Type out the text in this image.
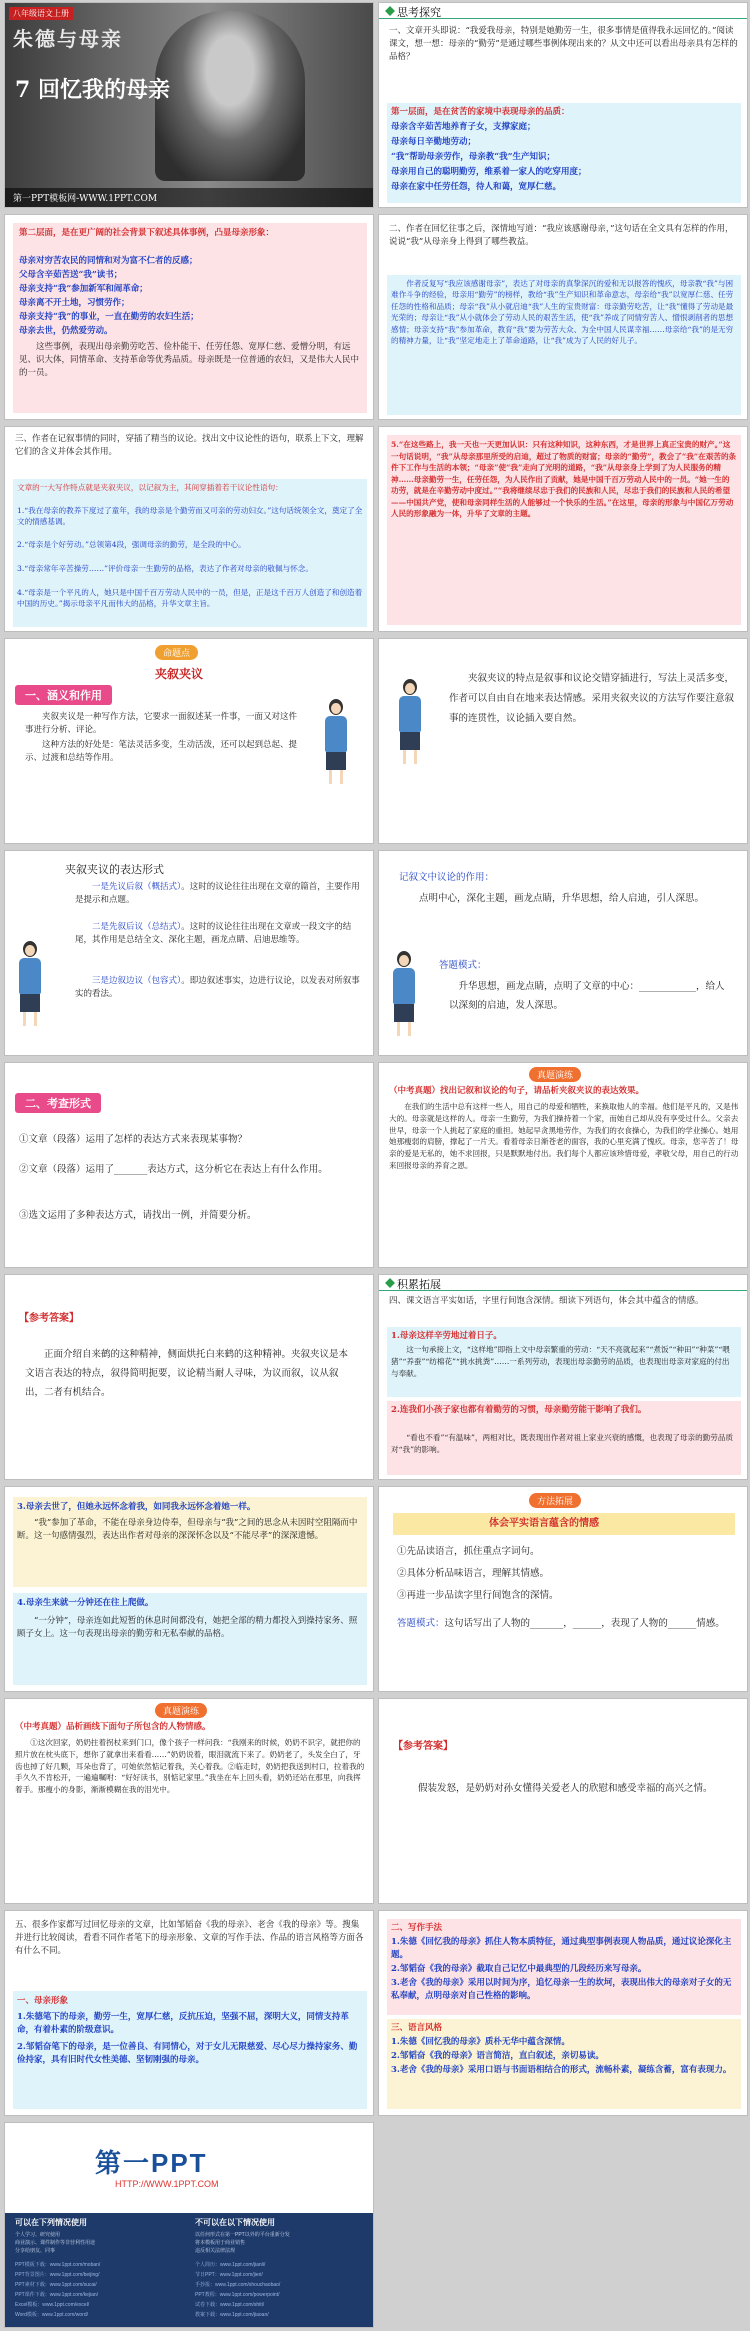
八年级语文上册
朱德与母亲
7 回忆我的母亲
第一PPT模板网-WWW.1PPT.COM
思考探究
一、文章开头即说：“我爱我母亲，特别是她勤劳一生，很多事情是值得我永远回忆的。”阅读课文，想一想：母亲的“勤劳”是通过哪些事例体现出来的？从文中还可以看出母亲具有怎样的品格？
第一层面，是在贫苦的家境中表现母亲的品质：
母亲含辛茹苦地养育子女，支撑家庭；
母亲每日辛勤地劳动；
“我”帮助母亲劳作，母亲教“我”生产知识；
母亲用自己的聪明勤劳，维系着一家人的吃穿用度；
母亲在家中任劳任怨，待人和蔼，宽厚仁慈。
第二层面，是在更广阔的社会背景下叙述具体事例，凸显母亲形象：
母亲对穷苦农民的同情和对为富不仁者的反感；
父母含辛茹苦送“我”读书；
母亲支持“我”参加新军和闹革命；
母亲离不开土地，习惯劳作；
母亲支持“我”的事业，一直在勤劳的农妇生活；
母亲去世，仍然爱劳动。
这些事例，表现出母亲勤劳吃苦、俭朴能干、任劳任怨、宽厚仁慈、爱憎分明，有远见、识大体，同情革命、支持革命等优秀品质。母亲既是一位普通的农妇，又是伟大人民中的一员。
二、作者在回忆往事之后，深情地写道：“我应该感谢母亲，”这句话在全文具有怎样的作用，说说“我”从母亲身上得到了哪些教益。
作者反复写“我应该感谢母亲”，表达了对母亲的真挚深沉的爱和无以报答的愧疚，母亲教“我”与困难作斗争的经验，母亲用“勤劳”的榜样，教给“我”生产知识和革命意志，母亲给“我”以宽厚仁慈、任劳任怨的性格和品质；母亲“我”从小就启迪“我”人生的宝贵财富：母亲勤劳吃苦，让“我”懂得了劳动是最光荣的；母亲让“我”从小就体会了劳动人民的艰苦生活，使“我”养成了同情穷苦人、憎恨剥削者的思想感情；母亲支持“我”参加革命，教育“我”要为劳苦大众、为全中国人民谋幸福……母亲给“我”的是无穷的精神力量，让“我”坚定地走上了革命道路，让“我”成为了人民的好儿子。
三、作者在记叙事情的同时，穿插了精当的议论。找出文中议论性的语句，联系上下文，理解它们的含义并体会其作用。
文章的一大写作特点就是夹叙夹议，以记叙为主，其间穿插着若干议论性语句：
1.“我在母亲的教养下度过了童年，我的母亲是个勤劳而又可亲的劳动妇女。”这句话统领全文，奠定了全文的情感基调。
2.“母亲是个好劳动。”总领第4段，强调母亲的勤劳，是全段的中心。
3.“母亲常年辛苦操劳……”评价母亲一生勤劳的品格，表达了作者对母亲的敬佩与怀念。
4.“母亲是一个平凡的人，她只是中国千百万劳动人民中的一员，但是，正是这千百万人创造了和创造着中国的历史。”揭示母亲平凡而伟大的品格，升华文章主旨。
5.“在这些路上，我一天也一天更加认识：只有这种知识，这种东西，才是世界上真正宝贵的财产。”这一句话说明，“我”从母亲那里所受的启迪，超过了物质的财富；母亲的“勤劳”，教会了“我”在艰苦的条件下工作与生活的本领；“母亲”使“我”走向了光明的道路，“我”从母亲身上学到了为人民服务的精神……母亲勤劳一生，任劳任怨，为人民作出了贡献，她是中国千百万劳动人民中的一员。“她一生的功劳，就是在辛勤劳动中度过。”“我将继续尽忠于我们的民族和人民，尽忠于我们的民族和人民的希望——中国共产党，使和母亲同样生活的人能够过一个快乐的生活。”在这里，母亲的形象与中国亿万劳动人民的形象融为一体，升华了文章的主题。
命题点
夹叙夹议
一、涵义和作用
夹叙夹议是一种写作方法，它要求一面叙述某一件事，一面又对这件事进行分析、评论。
这种方法的好处是：笔法灵活多变，生动活泼，还可以起到总起、提示、过渡和总结等作用。
夹叙夹议的特点是叙事和议论交错穿插进行，写法上灵活多变，作者可以自由自在地来表达情感。采用夹叙夹议的方法写作要注意叙事的连贯性，议论插入要自然。
夹叙夹议的表达形式
一是先议后叙（概括式）。这时的议论往往出现在文章的篇首，主要作用是提示和点题。
二是先叙后议（总结式）。这时的议论往往出现在文章或一段文字的结尾，其作用是总结全文、深化主题，画龙点睛、启迪思维等。
三是边叙边议（包容式）。即边叙述事实，边进行议论，以发表对所叙事实的看法。
记叙文中议论的作用：
点明中心，深化主题，画龙点睛，升华思想，给人启迪，引人深思。
答题模式：
升华思想，画龙点睛，点明了文章的中心：____________，给人以深刻的启迪，发人深思。
二、考查形式
①文章（段落）运用了怎样的表达方式来表现某事物？
②文章（段落）运用了_______表达方式，这分析它在表达上有什么作用。
③选文运用了多种表达方式，请找出一例，并简要分析。
真题演练
（中考真题）找出记叙和议论的句子，请品析夹叙夹议的表达效果。
在我们的生活中总有这样一些人，用自己的母爱和牺牲，来换取他人的幸福。他们是平凡的，又是伟大的。母亲就是这样的人。母亲一生勤劳，为我们操持着一个家，而她自己却从没有享受过什么。父亲去世早，母亲一个人挑起了家庭的重担。她起早贪黑地劳作，为我们的衣食操心，为我们的学业操心。她用她那瘦弱的肩膀，撑起了一片天。看着母亲日渐苍老的面容，我的心里充满了愧疚。母亲，您辛苦了！母亲的爱是无私的，她不求回报，只是默默地付出。我们每个人都应该珍惜母爱，孝敬父母，用自己的行动来回报母亲的养育之恩。
【参考答案】
正面介绍自来鹤的这种精神，侧面烘托白来鹤的这种精神。夹叙夹议是本文语言表达的特点，叙得简明扼要，议论精当耐人寻味，为议而叙，议从叙出，二者有机结合。
积累拓展
四、课文语言平实如话，字里行间饱含深情。细读下列语句，体会其中蕴含的情感。
1.母亲这样辛劳地过着日子。
这一句承接上文，“这样地”即指上文中母亲繁重的劳动：“天不亮就起来”“煮饭”“种田”“种菜”“喂猪”“养蚕”“纺棉花”“挑水挑粪”……一系列劳动，表现出母亲勤劳的品质，也表现出母亲对家庭的付出与奉献。
2.连我们小孩子家也都有着勤劳的习惯，母亲勤劳能干影响了我们。
“看也不看”“有温味”，两相对比，既表现出作者对祖上家业兴衰的感慨，也表现了母亲的勤劳品质对“我”的影响。
3.母亲去世了，但她永远怀念着我，如同我永远怀念着她一样。
“我”参加了革命，不能在母亲身边侍奉，但母亲与“我”之间的思念从未因时空阻隔而中断。这一句感情强烈，表达出作者对母亲的深深怀念以及“不能尽孝”的深深遗憾。
4.母亲生来就一分钟还在往上爬做。
“一分钟”，母亲连如此短暂的休息时间都没有，她把全部的精力都投入到操持家务、照顾子女上。这一句表现出母亲的勤劳和无私奉献的品格。
方法拓展
体会平实语言蕴含的情感
①先品读语言，抓住重点字词句。
②具体分析品味语言，理解其情感。
③再进一步品读字里行间饱含的深情。
答题模式：这句话写出了人物的_______，______，表现了人物的______情感。
真题演练
（中考真题）品析画线下面句子所包含的人物情感。
①这次回家，奶奶拄着拐杖来到门口，像个孩子一样问我：“我刚来的时候，奶奶不识字，就把你的照片放在枕头底下，想你了就拿出来看看……”奶奶说着，眼泪就流下来了。奶奶老了，头发全白了，牙齿也掉了好几颗，耳朵也背了，可她依然惦记着我，关心着我。②临走时，奶奶把我送到村口，拉着我的手久久不肯松开，一遍遍嘱咐：“好好读书，别惦记家里。”我坐在车上回头看，奶奶还站在那里，向我挥着手。那瘦小的身影，渐渐模糊在我的泪光中。
【参考答案】
假装发怒，是奶奶对孙女懂得关爱老人的欣慰和感受幸福的高兴之情。
五、很多作家都写过回忆母亲的文章，比如邹韬奋《我的母亲》、老舍《我的母亲》等。搜集并进行比较阅读，看看不同作者笔下的母亲形象、文章的写作手法、作品的语言风格等方面各有什么不同。
一、母亲形象
1.朱德笔下的母亲，勤劳一生，宽厚仁慈，反抗压迫，坚强不屈，深明大义，同情支持革命，有着朴素的阶级意识。
2.邹韬奋笔下的母亲，是一位善良、有同情心，对于女儿无限慈爱、尽心尽力操持家务、勤俭持家，具有旧时代女性美德、坚韧刚强的母亲。
二、写作手法
1.朱德《回忆我的母亲》抓住人物本质特征，通过典型事例表现人物品质，通过议论深化主题。
2.邹韬奋《我的母亲》截取自己记忆中最典型的几段经历来写母亲。
3.老舍《我的母亲》采用以时间为序，追忆母亲一生的坎坷，表现出伟大的母亲对子女的无私奉献，点明母亲对自己性格的影响。
三、语言风格
1.朱德《回忆我的母亲》质朴无华中蕴含深情。
2.邹韬奋《我的母亲》语言简洁，直白叙述，亲切易读。
3.老舍《我的母亲》采用口语与书面语相结合的形式，流畅朴素，凝练含蓄，富有表现力。
第一PPT
HTTP://WWW.1PPT.COM
可以在下列情况使用
个人学习、研究使用
商业演示、课件制作等非营利性用途
分享给朋友、同事
不可以在以下情况使用
以任何形式在第一PPT以外的平台重新分发
将本模板用于商业销售
违反相关法律法规
PPT模板下载：www.1ppt.com/moban/
PPT背景图片：www.1ppt.com/beijing/
PPT素材下载：www.1ppt.com/sucai/
PPT课件下载：www.1ppt.com/kejian/
Excel模板：www.1ppt.com/excel/
Word模板：www.1ppt.com/word/
个人简历：www.1ppt.com/jianli/
节日PPT：www.1ppt.com/jieri/
手抄报：www.1ppt.com/shouchaobao/
PPT教程：www.1ppt.com/powerpoint/
试卷下载：www.1ppt.com/shiti/
教案下载：www.1ppt.com/jiaoan/
